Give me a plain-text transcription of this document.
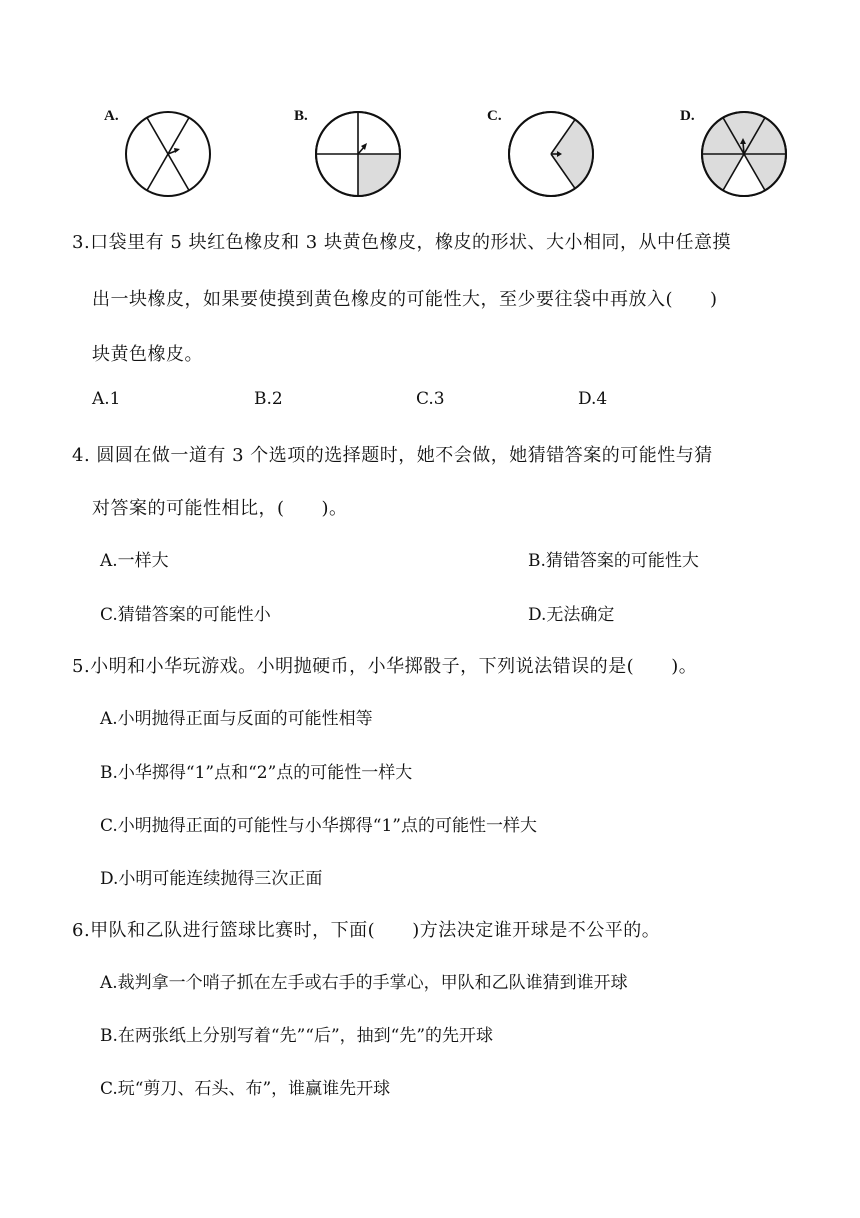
A.	B.	C.	D.
3.口袋里有 5 块红色橡皮和 3 块黄色橡皮，橡皮的形状、大小相同，从中任意摸
出一块橡皮，如果要使摸到黄色橡皮的可能性大，至少要往袋中再放入(　　)
块黄色橡皮。
A.1	B.2	C.3	D.4
4. 圆圆在做一道有 3 个选项的选择题时，她不会做，她猜错答案的可能性与猜
对答案的可能性相比，(　　)。
A.一样大	B.猜错答案的可能性大
C.猜错答案的可能性小	D.无法确定
5.小明和小华玩游戏。小明抛硬币，小华掷骰子，下列说法错误的是(　　)。
A.小明抛得正面与反面的可能性相等
B.小华掷得“1”点和“2”点的可能性一样大
C.小明抛得正面的可能性与小华掷得“1”点的可能性一样大
D.小明可能连续抛得三次正面
6.甲队和乙队进行篮球比赛时，下面(　　)方法决定谁开球是不公平的。
A.裁判拿一个哨子抓在左手或右手的手掌心，甲队和乙队谁猜到谁开球
B.在两张纸上分别写着“先”“后”，抽到“先”的先开球
C.玩“剪刀、石头、布”，谁赢谁先开球
